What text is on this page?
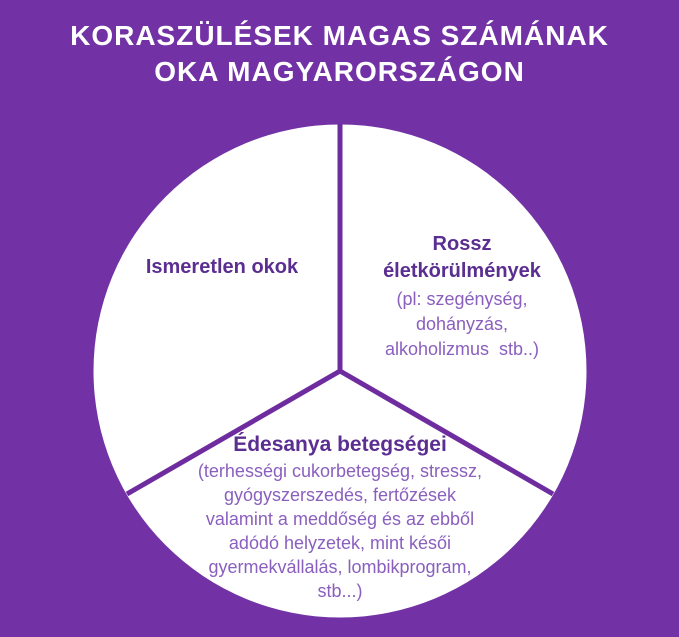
KORASZÜLÉSEK MAGAS SZÁMÁNAK
OKA MAGYARORSZÁGON
Ismeretlen okok
Rossz
életkörülmények
(pl: szegénység,
dohányzás,
alkoholizmus  stb..)
Édesanya betegségei
(terhességi cukorbetegség, stressz,
gyógyszerszedés, fertőzések
valamint a meddőség és az ebből
adódó helyzetek, mint késői
gyermekvállalás, lombikprogram,
stb...)
